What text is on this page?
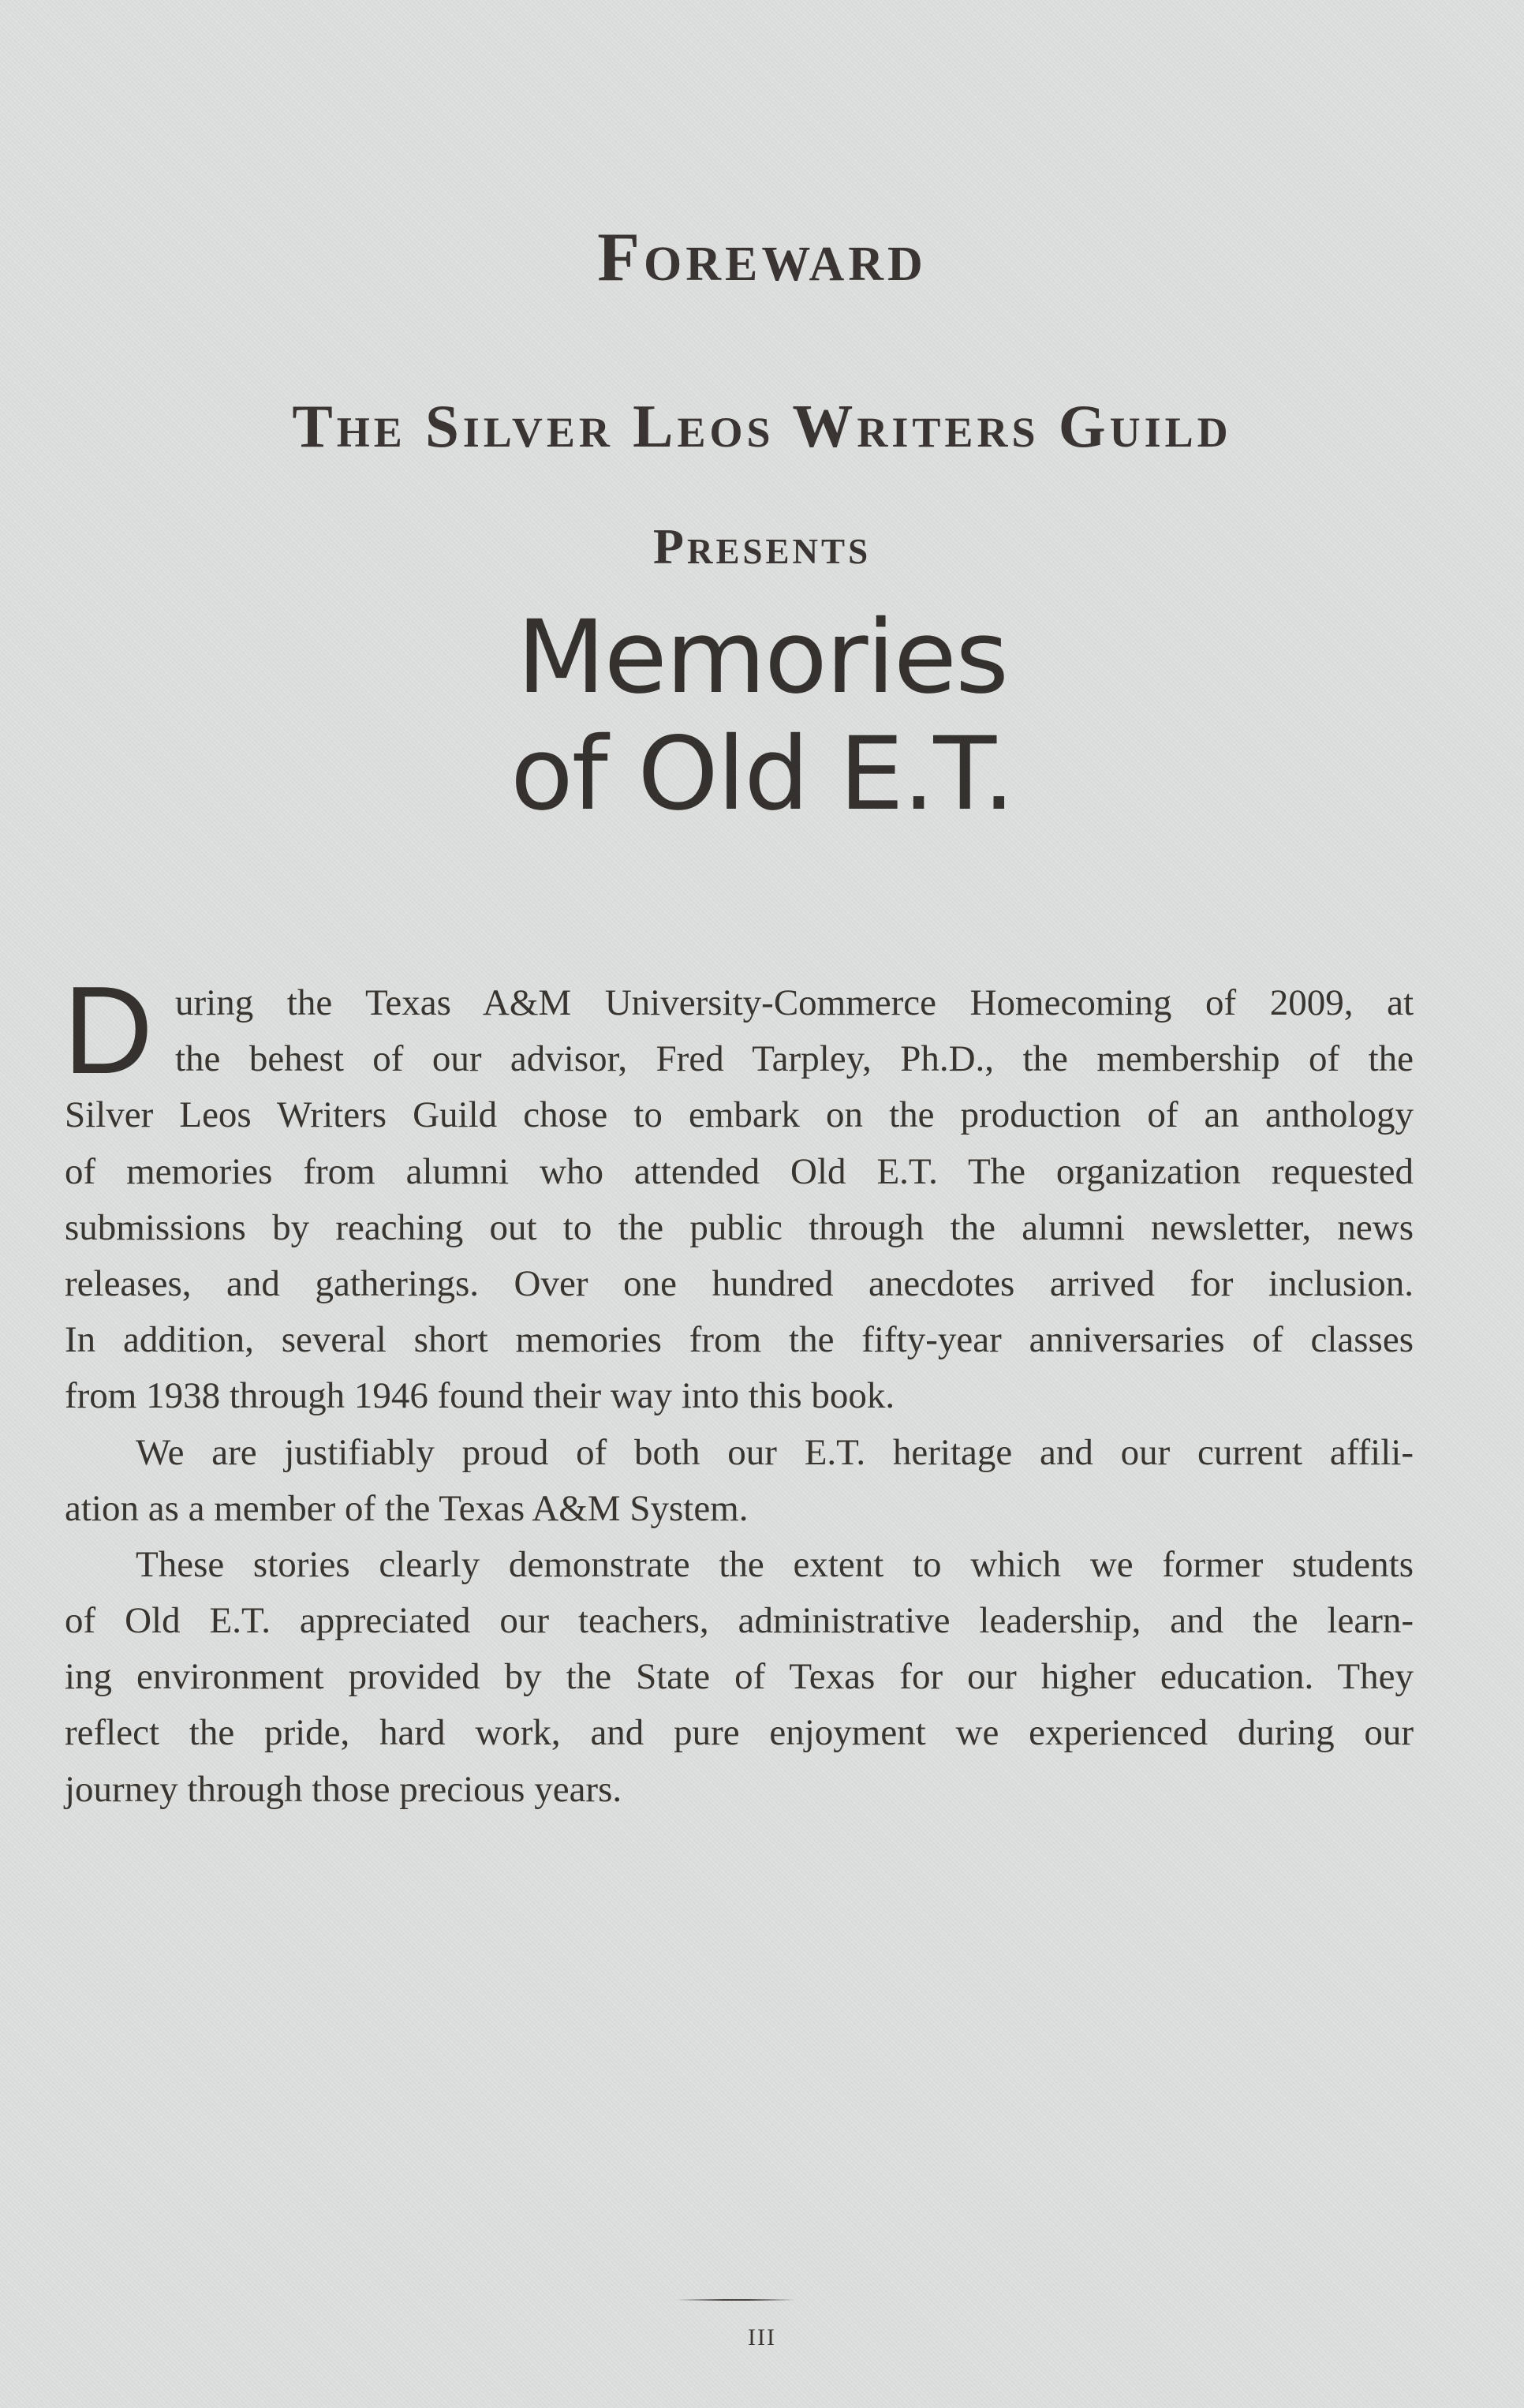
Foreward
The Silver Leos Writers Guild
Presents
Memories
of Old E.T.
D uring the Texas A&M University-Commerce Homecoming of 2009, at
the behest of our advisor, Fred Tarpley, Ph.D., the membership of the
Silver Leos Writers Guild chose to embark on the production of an anthology
of memories from alumni who attended Old E.T. The organization requested
submissions by reaching out to the public through the alumni newsletter, news
releases, and gatherings. Over one hundred anecdotes arrived for inclusion.
In addition, several short memories from the fifty-year anniversaries of classes
from 1938 through 1946 found their way into this book.
We are justifiably proud of both our E.T. heritage and our current affili-
ation as a member of the Texas A&M System.
These stories clearly demonstrate the extent to which we former students
of Old E.T. appreciated our teachers, administrative leadership, and the learn-
ing environment provided by the State of Texas for our higher education. They
reflect the pride, hard work, and pure enjoyment we experienced during our
journey through those precious years.
III
